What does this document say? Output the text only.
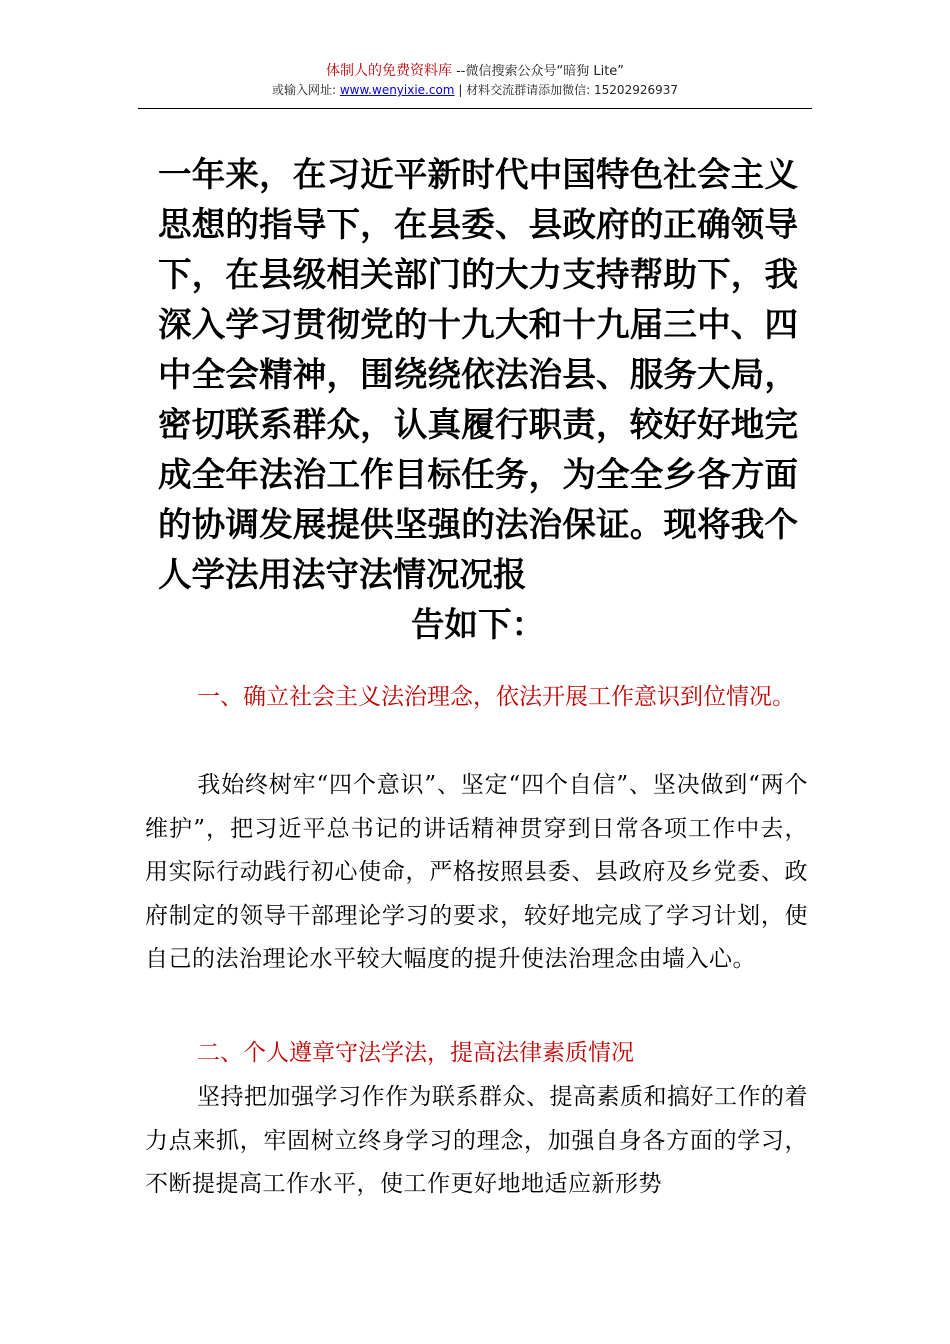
体制人的免费资料库 --微信搜索公众号“暗狗 Lite”
或输入网址: www.wenyixie.com | 材料交流群请添加微信: 15202926937

一年来，在习近平新时代中国特色社会主义思想的指导下，在县委、县政府的正确领导下，在县级相关部门的大力支持帮助下，我深入学习贯彻党的十九大和十九届三中、四中全会精神，围绕绕依法治县、服务大局，密切联系群众，认真履行职责，较好好地完成全年法治工作目标任务，为全全乡各方面的协调发展提供坚强的法治保证。现将我个人学法用法守法情况况报
告如下：

一、确立社会主义法治理念，依法开展工作意识到位情况。

我始终树牢“四个意识”、坚定“四个自信”、坚决做到“两个维护”，把习近平总书记的讲话精神贯穿到日常各项工作中去，用实际行动践行初心使命，严格按照县委、县政府及乡党委、政府制定的领导干部理论学习的要求，较好地完成了学习计划，使自己的法治理论水平较大幅度的提升使法治理念由墙入心。

二、个人遵章守法学法，提高法律素质情况

坚持把加强学习作作为联系群众、提高素质和搞好工作的着力点来抓，牢固树立终身学习的理念，加强自身各方面的学习，不断提提高工作水平，使工作更好地地适应新形势
